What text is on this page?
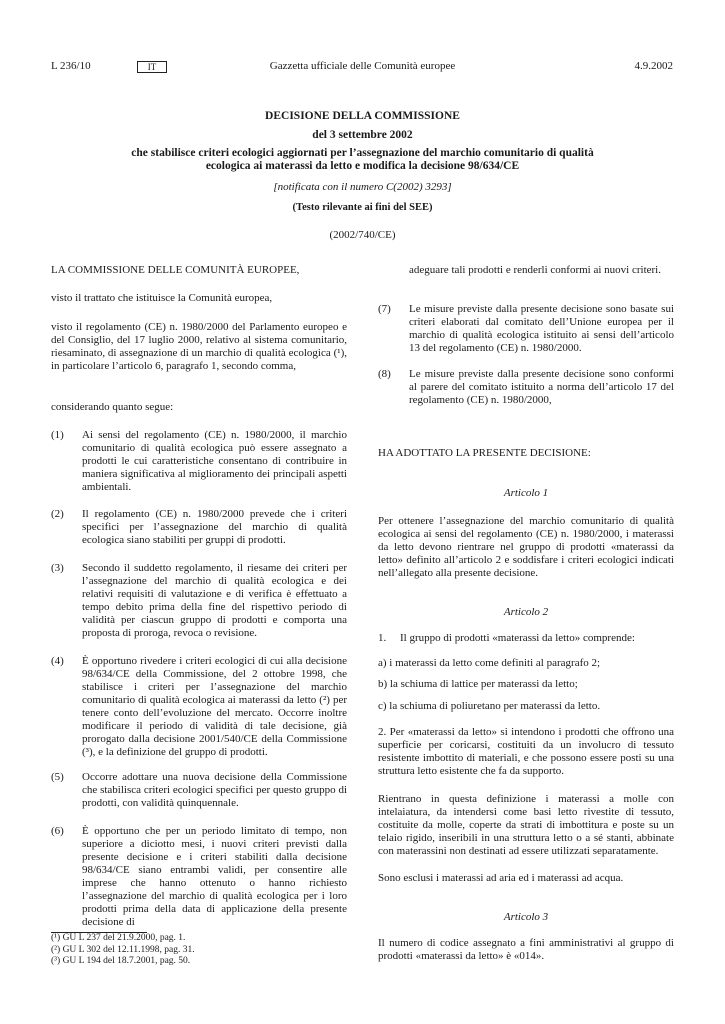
L 236/10	IT	Gazzetta ufficiale delle Comunità europee	4.9.2002
DECISIONE DELLA COMMISSIONE
del 3 settembre 2002
che stabilisce criteri ecologici aggiornati per l’assegnazione del marchio comunitario di qualità
ecologica ai materassi da letto e modifica la decisione 98/634/CE
[notificata con il numero C(2002) 3293]
(Testo rilevante ai fini del SEE)
(2002/740/CE)

LA COMMISSIONE DELLE COMUNITÀ EUROPEE,

visto il trattato che istituisce la Comunità europea,

visto il regolamento (CE) n. 1980/2000 del Parlamento europeo e del Consiglio, del 17 luglio 2000, relativo al sistema comunitario, riesaminato, di assegnazione di un marchio di qualità ecologica (¹), in particolare l’articolo 6, paragrafo 1, secondo comma,

considerando quanto segue:

(1) Ai sensi del regolamento (CE) n. 1980/2000, il marchio comunitario di qualità ecologica può essere assegnato a prodotti le cui caratteristiche consentano di contribuire in maniera significativa al miglioramento dei principali aspetti ambientali.

(2) Il regolamento (CE) n. 1980/2000 prevede che i criteri specifici per l’assegnazione del marchio di qualità ecologica siano stabiliti per gruppi di prodotti.

(3) Secondo il suddetto regolamento, il riesame dei criteri per l’assegnazione del marchio di qualità ecologica e dei relativi requisiti di valutazione e di verifica è effettuato a tempo debito prima della fine del rispettivo periodo di validità per ciascun gruppo di prodotti e comporta una proposta di proroga, revoca o revisione.

(4) È opportuno rivedere i criteri ecologici di cui alla decisione 98/634/CE della Commissione, del 2 ottobre 1998, che stabilisce i criteri per l’assegnazione del marchio comunitario di qualità ecologica ai materassi da letto (²) per tenere conto dell’evoluzione del mercato. Occorre inoltre modificare il periodo di validità di tale decisione, già prorogato dalla decisione 2001/540/CE della Commissione (³), e la definizione del gruppo di prodotti.

(5) Occorre adottare una nuova decisione della Commissione che stabilisca criteri ecologici specifici per questo gruppo di prodotti, con validità quinquennale.

(6) È opportuno che per un periodo limitato di tempo, non superiore a diciotto mesi, i nuovi criteri previsti dalla presente decisione e i criteri stabiliti dalla decisione 98/634/CE siano entrambi validi, per consentire alle imprese che hanno ottenuto o hanno richiesto l’assegnazione del marchio di qualità ecologica per i loro prodotti prima della data di applicazione della presente decisione di

(¹) GU L 237 del 21.9.2000, pag. 1.
(²) GU L 302 del 12.11.1998, pag. 31.
(³) GU L 194 del 18.7.2001, pag. 50.

adeguare tali prodotti e renderli conformi ai nuovi criteri.

(7) Le misure previste dalla presente decisione sono basate sui criteri elaborati dal comitato dell’Unione europea per il marchio di qualità ecologica istituito ai sensi dell’articolo 13 del regolamento (CE) n. 1980/2000.

(8) Le misure previste dalla presente decisione sono conformi al parere del comitato istituito a norma dell’articolo 17 del regolamento (CE) n. 1980/2000,

HA ADOTTATO LA PRESENTE DECISIONE:

Articolo 1

Per ottenere l’assegnazione del marchio comunitario di qualità ecologica ai sensi del regolamento (CE) n. 1980/2000, i materassi da letto devono rientrare nel gruppo di prodotti «materassi da letto» definito all’articolo 2 e soddisfare i criteri ecologici indicati nell’allegato alla presente decisione.

Articolo 2

1.     Il gruppo di prodotti «materassi da letto» comprende:

a) i materassi da letto come definiti al paragrafo 2;

b) la schiuma di lattice per materassi da letto;

c) la schiuma di poliuretano per materassi da letto.

2. Per «materassi da letto» si intendono i prodotti che offrono una superficie per coricarsi, costituiti da un involucro di tessuto resistente imbottito di materiali, e che possono essere posti su una struttura letto esistente che fa da supporto.

Rientrano in questa definizione i materassi a molle con intelaiatura, da intendersi come basi letto rivestite di tessuto, costituite da molle, coperte da strati di imbottitura e poste su un telaio rigido, inseribili in una struttura letto o a sé stanti, abbinate con materassini non destinati ad essere utilizzati separatamente.

Sono esclusi i materassi ad aria ed i materassi ad acqua.

Articolo 3

Il numero di codice assegnato a fini amministrativi al gruppo di prodotti «materassi da letto» è «014».
